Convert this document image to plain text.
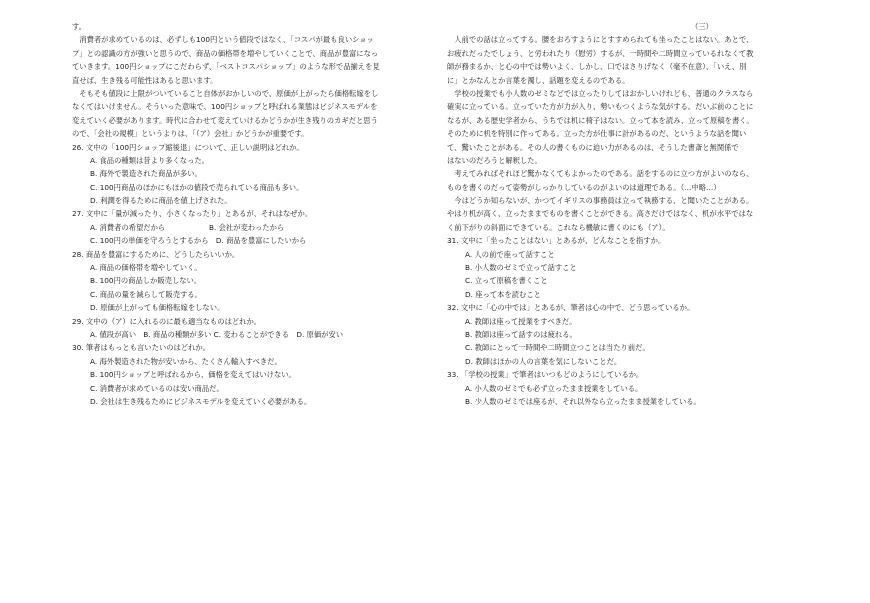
す。
　消費者が求めているのは、必ずしも100円という値段ではなく、「コスパが最も良いショッ
プ」との認識の方が強いと思うので、商品の価格帯を増やしていくことで、商品が豊富になっ
ていきます。100円ショップにこだわらず、「ベストコスパショップ」のような形で品揃えを見
直せば、生き残る可能性はあると思います。
　そもそも値段に上限がついていること自体がおかしいので、原価が上がったら価格転嫁をし
なくてはいけません。そういった意味で、100円ショップと呼ばれる業態はビジネスモデルを
変えていく必要があります。時代に合わせて変えていけるかどうかが生き残りのカギだと思う
ので、「会社の規模」というよりは、「（ア）会社」かどうかが重要です。
26. 文中の「100円ショップ縮後退」について、正しい説明はどれか。
A. 食品の種類は昔より多くなった。
B. 海外で製造された商品が多い。
C. 100円商品のほかにもほかの値段で売られている商品も多い。
D. 利潤を得るために商品を値上げされた。
27. 文中に「量が減ったり、小さくなったり」とあるが、それはなぜか。
A. 消費者の希望だから　　　　　　B. 会社が変わったから
C. 100円の単価を守ろうとするから　D. 商品を豊富にしたいから
28. 商品を豊富にするために、どうしたらいいか。
A. 商品の価格帯を増やしていく。
B. 100円の商品しか販売しない。
C. 商品の量を減らして販売する。
D. 原価が上がっても価格転嫁をしない。
29. 文中の（ア）に入れるのに最も適当なものはどれか。
A. 値段が高い　B. 商品の種類が多い C. 変わることができる　D. 原価が安い
30. 筆者はもっとも言いたいのはどれか。
A. 海外製造された物が安いから、たくさん輸入すべきだ。
B. 100円ショップと呼ばれるから、価格を変えてはいけない。
C. 消費者が求めているのは安い商品だ。
D. 会社は生き残るためにビジネスモデルを変えていく必要がある。
（三）
　人前での話は立ってする。腰をおろすようにとすすめられても坐ったことはない。あとで、
お疲れだったでしょう、と労われたり（慰労）するが、一時間や二時間立っているれなくて教
師が務まるか、と心の中では勢いよく、しかし、口ではさりげなく（毫不在意）、「いえ、別
に」とかなんとか言葉を濁し、話題を変えるのである。
　学校の授業でも小人数のゼミなどでは立ったりしてはおかしいけれども、普通のクラスなら
確実に立っている。立っていた方が力が入り、勢いもつくような気がする。だいぶ前のことに
なるが、ある歴史学者から、うちでは机に椅子はない。立って本を読み、立って原稿を書く。
そのために机を特別に作ってある。立った方が仕事に計があるのだ、というような話を聞い
て、驚いたことがある。その人の書くものに迫い力があるのは、そうした書斎と無関係で
はないのだろうと解釈した。
　考えてみればそれほど驚かなくてもよかったのである。話をするのに立つ方がよいのなら、
ものを書くのだって姿勢がしっかりしているのがよいのは道理である。（…中略…）
　今はどうか知らないが、かつてイギリスの事務員は立って執務する、と聞いたことがある。
やはり机が高く、立ったままでものを書くことができる。高さだけではなく、机が水平ではな
く前下がりの斜面にできている。これなら機敏に書くのにも（ア）。
31. 文中に「坐ったことはない」とあるが、どんなことを指すか。
A. 人の前で座って話すこと
B. 小人数のゼミで立って話すこと
C. 立って原稿を書くこと
D. 座って本を読むこと
32. 文中に「心の中では」とあるが、筆者は心の中で、どう思っているか。
A. 教師は座って授業をすべきだ。
B. 教師は座って話すのは疲れる。
C. 教師にとって一時間や二時間立つことは当たり前だ。
D. 教師はほかの人の言葉を気にしないことだ。
33. 「学校の授業」で筆者はいつもどのようにしているか。
A. 小人数のゼミでも必ず立ったまま授業をしている。
B. 少人数のゼミでは座るが、それ以外なら立ったまま授業をしている。
